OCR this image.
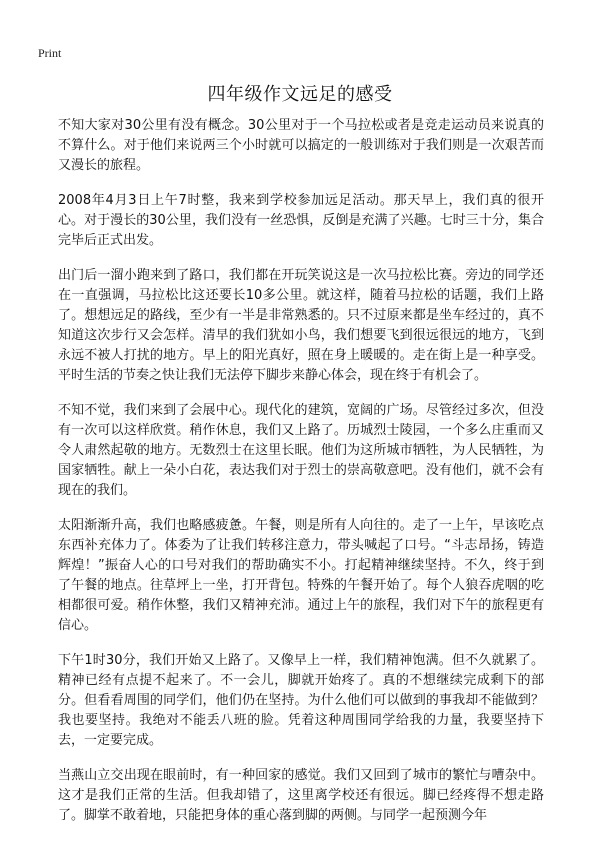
Print
四年级作文远足的感受

不知大家对30公里有没有概念。30公里对于一个马拉松或者是竞走运动员来说真的不算什么。对于他们来说两三个小时就可以搞定的一般训练对于我们则是一次艰苦而又漫长的旅程。

2008年4月3日上午7时整，我来到学校参加远足活动。那天早上，我们真的很开心。对于漫长的30公里，我们没有一丝恐惧，反倒是充满了兴趣。七时三十分，集合完毕后正式出发。

出门后一溜小跑来到了路口，我们都在开玩笑说这是一次马拉松比赛。旁边的同学还在一直强调，马拉松比这还要长10多公里。就这样，随着马拉松的话题，我们上路了。想想远足的路线，至少有一半是非常熟悉的。只不过原来都是坐车经过的，真不知道这次步行又会怎样。清早的我们犹如小鸟，我们想要飞到很远很远的地方，飞到永远不被人打扰的地方。早上的阳光真好，照在身上暖暖的。走在街上是一种享受。平时生活的节奏之快让我们无法停下脚步来静心体会，现在终于有机会了。

不知不觉，我们来到了会展中心。现代化的建筑，宽阔的广场。尽管经过多次，但没有一次可以这样欣赏。稍作休息，我们又上路了。历城烈士陵园，一个多么庄重而又令人肃然起敬的地方。无数烈士在这里长眠。他们为这所城市牺牲，为人民牺牲，为国家牺牲。献上一朵小白花，表达我们对于烈士的崇高敬意吧。没有他们，就不会有现在的我们。

太阳渐渐升高，我们也略感疲惫。午餐，则是所有人向往的。走了一上午，早该吃点东西补充体力了。体委为了让我们转移注意力，带头喊起了口号。“斗志昂扬，铸造辉煌！”振奋人心的口号对我们的帮助确实不小。打起精神继续坚持。不久，终于到了午餐的地点。往草坪上一坐，打开背包。特殊的午餐开始了。每个人狼吞虎咽的吃相都很可爱。稍作休整，我们又精神充沛。通过上午的旅程，我们对下午的旅程更有信心。

下午1时30分，我们开始又上路了。又像早上一样，我们精神饱满。但不久就累了。精神已经有点提不起来了。不一会儿，脚就开始疼了。真的不想继续完成剩下的部分。但看看周围的同学们，他们仍在坚持。为什么他们可以做到的事我却不能做到？我也要坚持。我绝对不能丢八班的脸。凭着这种周围同学给我的力量，我要坚持下去，一定要完成。

当燕山立交出现在眼前时，有一种回家的感觉。我们又回到了城市的繁忙与嘈杂中。这才是我们正常的生活。但我却错了，这里离学校还有很远。脚已经疼得不想走路了。脚掌不敢着地，只能把身体的重心落到脚的两侧。与同学一起预测今年
